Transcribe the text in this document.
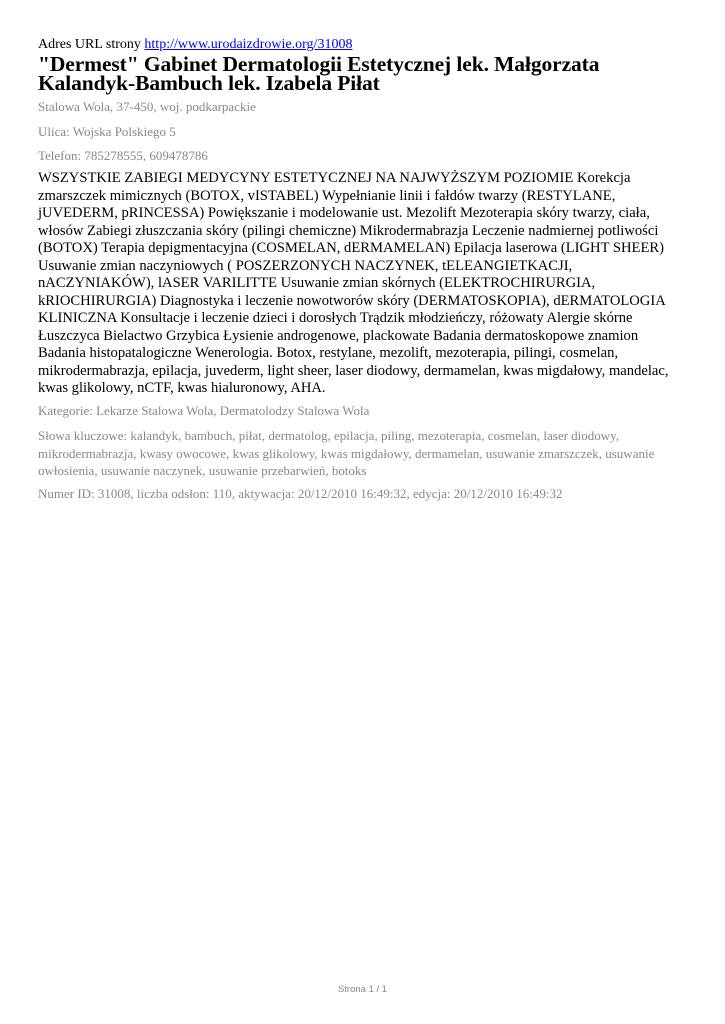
Adres URL strony http://www.urodaizdrowie.org/31008
"Dermest" Gabinet Dermatologii Estetycznej lek. Małgorzata Kalandyk-Bambuch lek. Izabela Piłat
Stalowa Wola, 37-450, woj. podkarpackie
Ulica: Wojska Polskiego 5
Telefon: 785278555, 609478786

WSZYSTKIE ZABIEGI MEDYCYNY ESTETYCZNEJ NA NAJWYŻSZYM POZIOMIE Korekcja zmarszczek mimicznych (BOTOX, vISTABEL) Wypełnianie linii i fałdów twarzy (RESTYLANE, jUVEDERM, pRINCESSA) Powiększanie i modelowanie ust. Mezolift Mezoterapia skóry twarzy, ciała, włosów Zabiegi złuszczania skóry (pilingi chemiczne) Mikrodermabrazja Leczenie nadmiernej potliwości (BOTOX) Terapia depigmentacyjna (COSMELAN, dERMAMELAN) Epilacja laserowa (LIGHT SHEER) Usuwanie zmian naczyniowych ( POSZERZONYCH NACZYNEK, tELEANGIETKACJI, nACZYNIAKÓW), lASER VARILITTE Usuwanie zmian skórnych (ELEKTROCHIRURGIA, kRIOCHIRURGIA) Diagnostyka i leczenie nowotworów skóry (DERMATOSKOPIA), dERMATOLOGIA KLINICZNA Konsultacje i leczenie dzieci i dorosłych Trądzik młodzieńczy, różowaty Alergie skórne Łuszczyca Bielactwo Grzybica Łysienie androgenowe, plackowate Badania dermatoskopowe znamion Badania histopatalogiczne Wenerologia. Botox, restylane, mezolift, mezoterapia, pilingi, cosmelan, mikrodermabrazja, epilacja, juvederm, light sheer, laser diodowy, dermamelan, kwas migdałowy, mandelac, kwas glikolowy, nCTF, kwas hialuronowy, AHA.

Kategorie: Lekarze Stalowa Wola, Dermatolodzy Stalowa Wola

Słowa kluczowe: kalandyk, bambuch, piłat, dermatolog, epilacja, piling, mezoterapia, cosmelan, laser diodowy, mikrodermabrazja, kwasy owocowe, kwas glikolowy, kwas migdałowy, dermamelan, usuwanie zmarszczek, usuwanie owłosienia, usuwanie naczynek, usuwanie przebarwień, botoks

Numer ID: 31008, liczba odsłon: 110, aktywacja: 20/12/2010 16:49:32, edycja: 20/12/2010 16:49:32

Strona 1 / 1
